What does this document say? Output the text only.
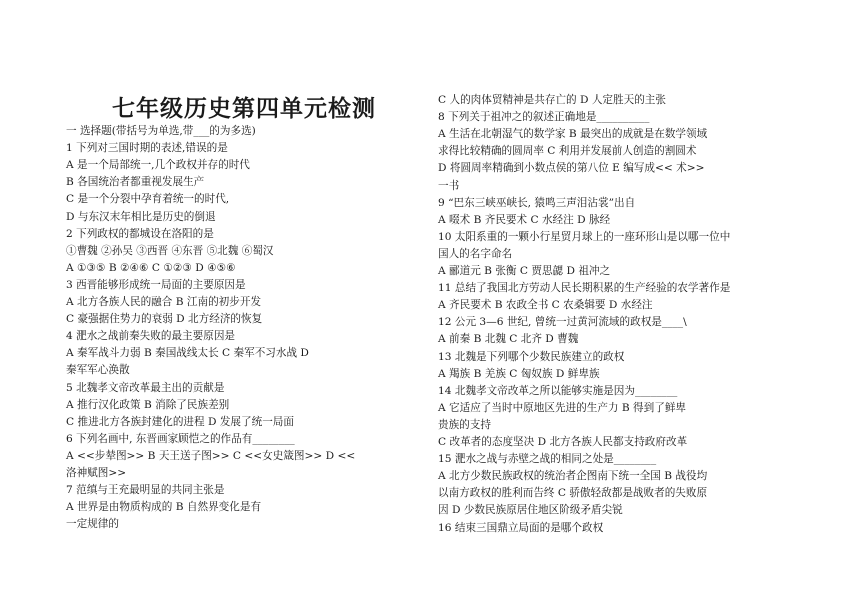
七年级历史第四单元检测
一 选择题(带括号为单选,带___的为多选)
1 下列对三国时期的表述,错误的是
A 是一个局部统一,几个政权并存的时代
B 各国统治者都重视发展生产
C 是一个分裂中孕育着统一的时代,
D 与东汉末年相比是历史的倒退
2 下列政权的都城设在洛阳的是
①曹魏 ②孙吴 ③西晋 ④东晋 ⑤北魏 ⑥蜀汉
A ①③⑤ B ②④⑥ C ①②③ D ④⑤⑥
3 西晋能够形成统一局面的主要原因是
A 北方各族人民的融合 B 江南的初步开发
C 豪强据住势力的衰弱 D 北方经济的恢复
4 淝水之战前秦失败的最主要原因是
A 秦军战斗力弱 B 秦国战线太长 C 秦军不习水战 D
秦军军心涣散
5 北魏孝文帝改革最主出的贡献是
A 推行汉化政策 B 消除了民族差别
C 推进北方各族封建化的进程 D 发展了统一局面
6 下列名画中, 东晋画家顾恺之的作品有________
A <<步辇图>> B 天王送子图>> C <<女史箴图>> D <<
洛神赋图>>
7 范缜与王充最明显的共同主张是
A 世界是由物质构成的 B 自然界变化是有
一定规律的
C 人的肉体贸精神是共存亡的 D 人定胜天的主张
8 下列关于祖冲之的叙述正确地是__________
A 生活在北朝湿气的数学家 B 最突出的成就是在数学领域
求得比较精确的圆周率 C 利用并发展前人创造的割圆术
D 将圆周率精确到小数点侯的第八位 E 编写成<< 术>>
一书
9 “巴东三峡巫峡长, 猿鸣三声泪沾裳”出自
A 啜术 B 齐民要术 C 水经注 D 脉经
10 太阳系重的一颗小行星贸月球上的一座环形山是以哪一位中
国人的名字命名
A 郦道元 B 张衡 C 贾思勰 D 祖冲之
11 总结了我国北方劳动人民长期积累的生产经验的农学著作是
A 齐民要术 B 农政全书 C 农桑辑要 D 水经注
12 公元 3—6 世纪, 曾统一过黄河流域的政权是____\
A 前秦 B 北魏 C 北齐 D 曹魏
13 北魏是下列哪个少数民族建立的政权
A 羯族 B 羌族 C 匈奴族 D 鲜卑族
14 北魏孝文帝改革之所以能够实施是因为________
A 它适应了当时中原地区先进的生产力 B 得到了鲜卑
贵族的支持
C 改革者的态度坚决 D 北方各族人民都支持政府改革
15 淝水之战与赤壁之战的相同之处是________
A 北方少数民族政权的统治者企图南下统一全国 B 战役均
以南方政权的胜利而告终 C 骄傲轻敌都是战败者的失败原
因 D 少数民族原居住地区阶级矛盾尖锐
16 结束三国鼎立局面的是哪个政权
